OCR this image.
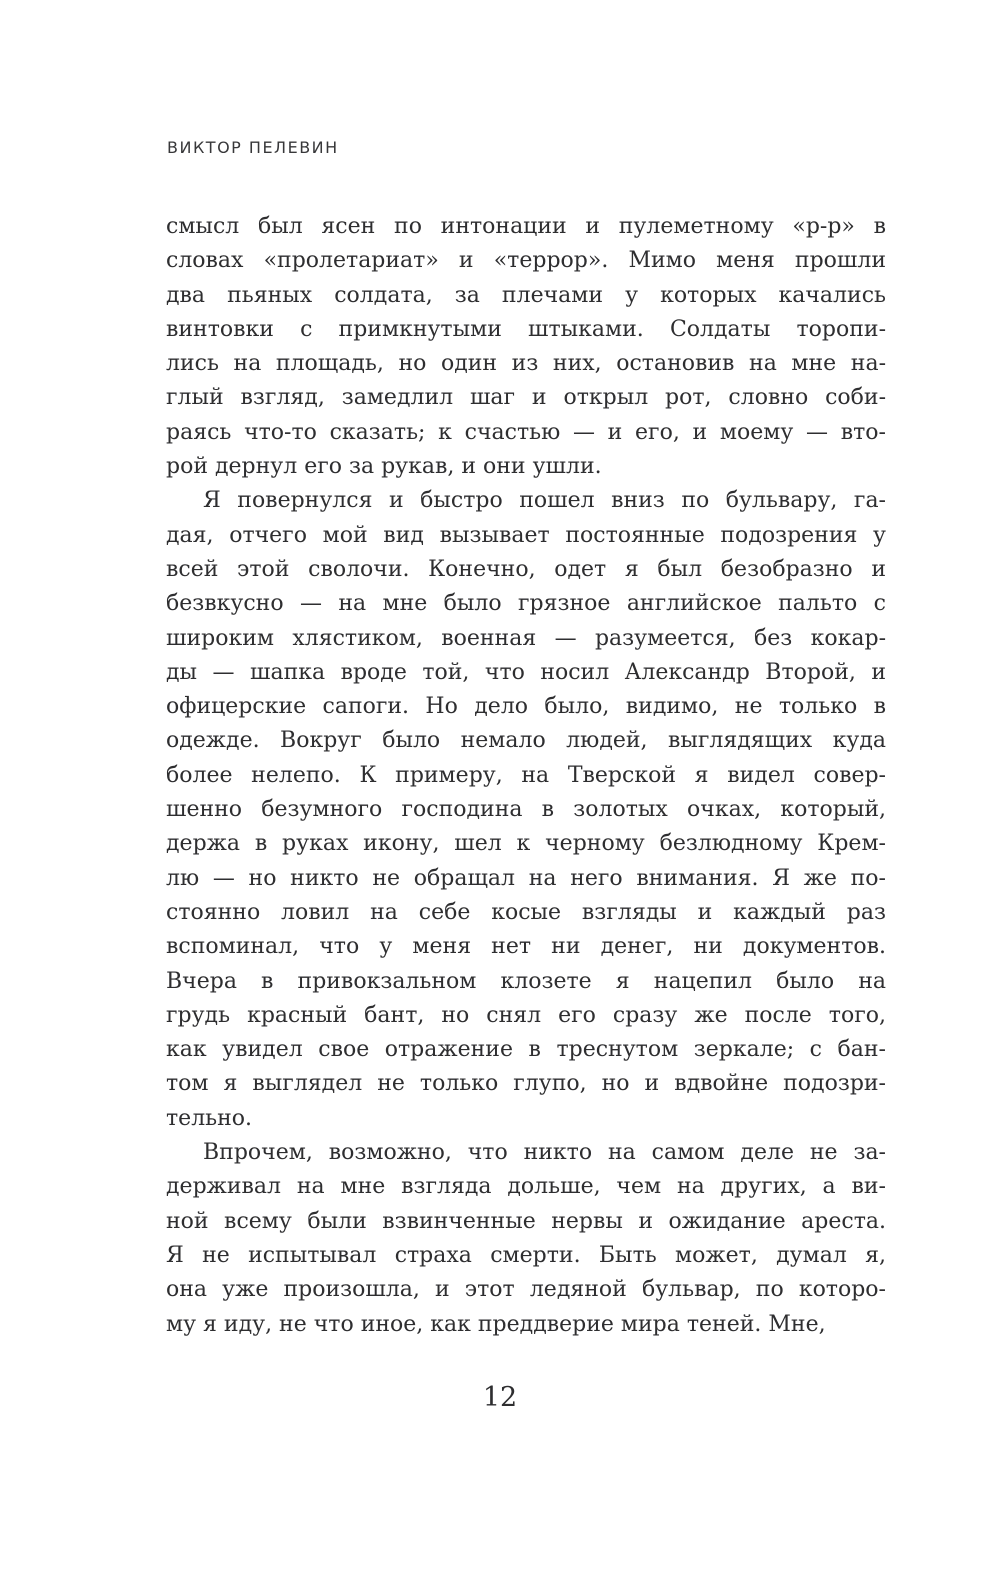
ВИКТОР ПЕЛЕВИН
смысл был ясен по интонации и пулеметному «р-р» в
словах «пролетариат» и «террор». Мимо меня прошли
два пьяных солдата, за плечами у которых качались
винтовки с примкнутыми штыками. Солдаты торопи-
лись на площадь, но один из них, остановив на мне на-
глый взгляд, замедлил шаг и открыл рот, словно соби-
раясь что-то сказать; к счастью — и его, и моему — вто-
рой дернул его за рукав, и они ушли.
Я повернулся и быстро пошел вниз по бульвару, га-
дая, отчего мой вид вызывает постоянные подозрения у
всей этой сволочи. Конечно, одет я был безобразно и
безвкусно — на мне было грязное английское пальто с
широким хлястиком, военная — разумеется, без кокар-
ды — шапка вроде той, что носил Александр Второй, и
офицерские сапоги. Но дело было, видимо, не только в
одежде. Вокруг было немало людей, выглядящих куда
более нелепо. К примеру, на Тверской я видел совер-
шенно безумного господина в золотых очках, который,
держа в руках икону, шел к черному безлюдному Крем-
лю — но никто не обращал на него внимания. Я же по-
стоянно ловил на себе косые взгляды и каждый раз
вспоминал, что у меня нет ни денег, ни документов.
Вчера в привокзальном клозете я нацепил было на
грудь красный бант, но снял его сразу же после того,
как увидел свое отражение в треснутом зеркале; с бан-
том я выглядел не только глупо, но и вдвойне подозри-
тельно.
Впрочем, возможно, что никто на самом деле не за-
держивал на мне взгляда дольше, чем на других, а ви-
ной всему были взвинченные нервы и ожидание ареста.
Я не испытывал страха смерти. Быть может, думал я,
она уже произошла, и этот ледяной бульвар, по которо-
му я иду, не что иное, как преддверие мира теней. Мне,
12
